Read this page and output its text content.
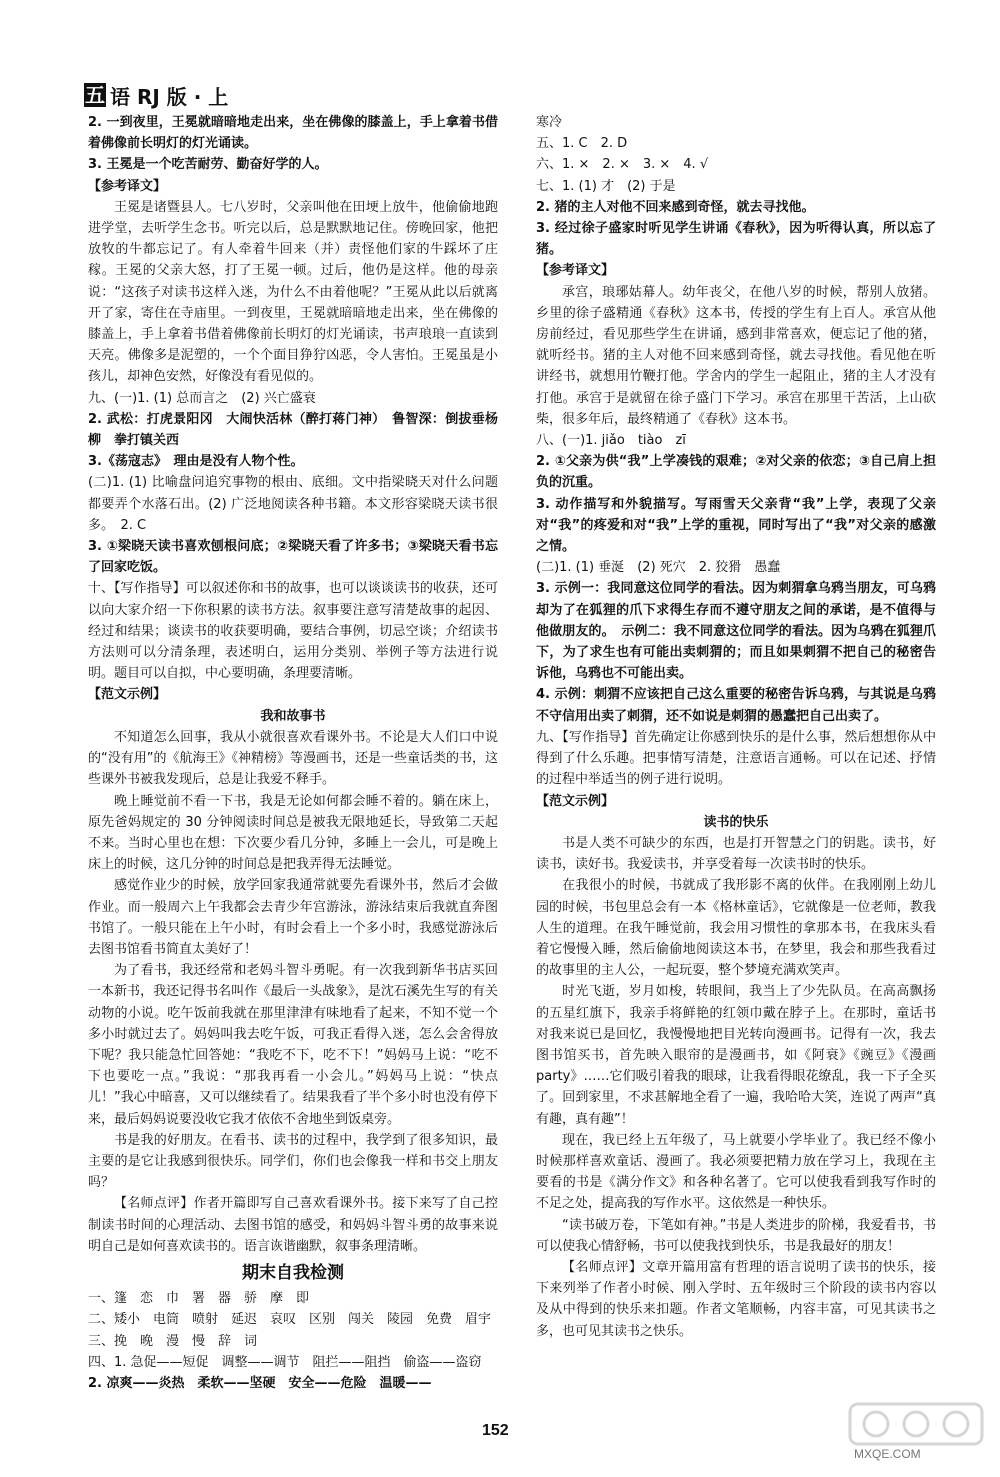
五 语 RJ 版 · 上

2. 一到夜里，王冕就暗暗地走出来，坐在佛像的膝盖上，手上拿着书借着佛像前长明灯的灯光诵读。

3. 王冕是一个吃苦耐劳、勤奋好学的人。

【参考译文】

王冕是诸暨县人。七八岁时，父亲叫他在田埂上放牛，他偷偷地跑进学堂，去听学生念书。听完以后，总是默默地记住。傍晚回家，他把放牧的牛都忘记了。有人牵着牛回来（并）责怪他们家的牛踩坏了庄稼。王冕的父亲大怒，打了王冕一顿。过后，他仍是这样。他的母亲说：“这孩子对读书这样入迷，为什么不由着他呢？”王冕从此以后就离开了家，寄住在寺庙里。一到夜里，王冕就暗暗地走出来，坐在佛像的膝盖上，手上拿着书借着佛像前长明灯的灯光诵读，书声琅琅一直读到天亮。佛像多是泥塑的，一个个面目狰狞凶恶，令人害怕。王冕虽是小孩儿，却神色安然，好像没有看见似的。

九、(一)1. (1) 总而言之　(2) 兴亡盛衰

2. 武松：打虎景阳冈　大闹快活林（醉打蒋门神）　鲁智深：倒拔垂杨柳　拳打镇关西

3.《荡寇志》　理由是没有人物个性。

(二)1. (1) 比喻盘问追究事物的根由、底细。文中指梁晓天对什么问题都要弄个水落石出。(2) 广泛地阅读各种书籍。本文形容梁晓天读书很多。　2. C

3. ①梁晓天读书喜欢刨根问底；②梁晓天看了许多书；③梁晓天看书忘了回家吃饭。

十、【写作指导】可以叙述你和书的故事，也可以谈谈读书的收获，还可以向大家介绍一下你积累的读书方法。叙事要注意写清楚故事的起因、经过和结果；谈读书的收获要明确，要结合事例，切忌空谈；介绍读书方法则可以分清条理，表述明白，运用分类别、举例子等方法进行说明。题目可以自拟，中心要明确，条理要清晰。

【范文示例】

我和故事书

不知道怎么回事，我从小就很喜欢看课外书。不论是大人们口中说的“没有用”的《航海王》《神精榜》等漫画书，还是一些童话类的书，这些课外书被我发现后，总是让我爱不释手。

晚上睡觉前不看一下书，我是无论如何都会睡不着的。躺在床上，原先爸妈规定的 30 分钟阅读时间总是被我无限地延长，导致第二天起不来。当时心里也在想：下次要少看几分钟，多睡上一会儿，可是晚上床上的时候，这几分钟的时间总是把我弄得无法睡觉。

感觉作业少的时候，放学回家我通常就要先看课外书，然后才会做作业。而一般周六上午我都会去青少年宫游泳，游泳结束后我就直奔图书馆了。一般只能在上午小时，有时会看上一个多小时，我感觉游泳后去图书馆看书简直太美好了！

为了看书，我还经常和老妈斗智斗勇呢。有一次我到新华书店买回一本新书，我还记得书名叫作《最后一头战象》，是沈石溪先生写的有关动物的小说。吃午饭前我就在那里津津有味地看了起来，不知不觉一个多小时就过去了。妈妈叫我去吃午饭，可我正看得入迷，怎么会舍得放下呢？我只能急忙回答她：“我吃不下，吃不下！”妈妈马上说：“吃不下也要吃一点。”我说：“那我再看一小会儿。”妈妈马上说：“快点儿！”我心中暗喜，又可以继续看了。结果我看了半个多小时也没有停下来，最后妈妈说要没收它我才依依不舍地坐到饭桌旁。

书是我的好朋友。在看书、读书的过程中，我学到了很多知识，最主要的是它让我感到很快乐。同学们，你们也会像我一样和书交上朋友吗？

【名师点评】作者开篇即写自己喜欢看课外书。接下来写了自己控制读书时间的心理活动、去图书馆的感受，和妈妈斗智斗勇的故事来说明自己是如何喜欢读书的。语言诙谐幽默，叙事条理清晰。

期末自我检测

一、篷　恋　巾　署　器　骄　摩　即

二、矮小　电筒　喷射　延迟　哀叹　区别　闯关　陵园　免费　眉宇

三、挽　晚　漫　慢　辞　词

四、1. 急促——短促　调整——调节　阻拦——阻挡　偷盗——盗窃

2. 凉爽——炎热　柔软——坚硬　安全——危险　温暖——

寒冷

五、1. C　2. D

六、1. ×　2. ×　3. ×　4. √

七、1. (1) 才　(2) 于是

2. 猪的主人对他不回来感到奇怪，就去寻找他。

3. 经过徐子盛家时听见学生讲诵《春秋》，因为听得认真，所以忘了猪。

【参考译文】

承宫，琅琊姑幕人。幼年丧父，在他八岁的时候，帮别人放猪。乡里的徐子盛精通《春秋》这本书，传授的学生有上百人。承宫从他房前经过，看见那些学生在讲诵，感到非常喜欢，便忘记了他的猪，就听经书。猪的主人对他不回来感到奇怪，就去寻找他。看见他在听讲经书，就想用竹鞭打他。学舍内的学生一起阻止，猪的主人才没有打他。承宫于是就留在徐子盛门下学习。承宫在那里干苦活，上山砍柴，很多年后，最终精通了《春秋》这本书。

八、(一)1. jiǎo　tiào　zī

2. ①父亲为供“我”上学凑钱的艰难；②对父亲的依恋；③自己肩上担负的沉重。

3. 动作描写和外貌描写。写雨雪天父亲背“我”上学，表现了父亲对“我”的疼爱和对“我”上学的重视，同时写出了“我”对父亲的感激之情。

(二)1. (1) 垂涎　(2) 死穴　2. 狡猾　愚蠢

3. 示例一：我同意这位同学的看法。因为刺猬拿乌鸦当朋友，可乌鸦却为了在狐狸的爪下求得生存而不遵守朋友之间的承诺，是不值得与他做朋友的。　示例二：我不同意这位同学的看法。因为乌鸦在狐狸爪下，为了求生也有可能出卖刺猬的；而且如果刺猬不把自己的秘密告诉他，乌鸦也不可能出卖。

4. 示例：刺猬不应该把自己这么重要的秘密告诉乌鸦，与其说是乌鸦不守信用出卖了刺猬，还不如说是刺猬的愚蠢把自己出卖了。

九、【写作指导】首先确定让你感到快乐的是什么事，然后想想你从中得到了什么乐趣。把事情写清楚，注意语言通畅。可以在记述、抒情的过程中举适当的例子进行说明。

【范文示例】

读书的快乐

书是人类不可缺少的东西，也是打开智慧之门的钥匙。读书，好读书，读好书。我爱读书，并享受着每一次读书时的快乐。

在我很小的时候，书就成了我形影不离的伙伴。在我刚刚上幼儿园的时候，书包里总会有一本《格林童话》，它就像是一位老师，教我人生的道理。在我午睡觉前，我会用习惯性的拿那本书，在我床头看着它慢慢入睡，然后偷偷地阅读这本书，在梦里，我会和那些我看过的故事里的主人公，一起玩耍，整个梦境充满欢笑声。

时光飞逝，岁月如梭，转眼间，我当上了少先队员。在高高飘扬的五星红旗下，我亲手将鲜艳的红领巾戴在脖子上。在那时，童话书对我来说已是回忆，我慢慢地把目光转向漫画书。记得有一次，我去图书馆买书，首先映入眼帘的是漫画书，如《阿衰》《豌豆》《漫画 party》……它们吸引着我的眼球，让我看得眼花缭乱，我一下子全买了。回到家里，不求甚解地全看了一遍，我哈哈大笑，连说了两声“真有趣，真有趣”！

现在，我已经上五年级了，马上就要小学毕业了。我已经不像小时候那样喜欢童话、漫画了。我必须要把精力放在学习上，我现在主要看的书是《满分作文》和各种名著了。它可以使我看到我写作时的不足之处，提高我的写作水平。这依然是一种快乐。

“读书破万卷，下笔如有神。”书是人类进步的阶梯，我爱看书，书可以使我心情舒畅，书可以使我找到快乐，书是我最好的朋友！

【名师点评】文章开篇用富有哲理的语言说明了读书的快乐，接下来列举了作者小时候、刚入学时、五年级时三个阶段的读书内容以及从中得到的快乐来扣题。作者文笔顺畅，内容丰富，可见其读书之多，也可见其读书之快乐。

152
MXQE.COM
